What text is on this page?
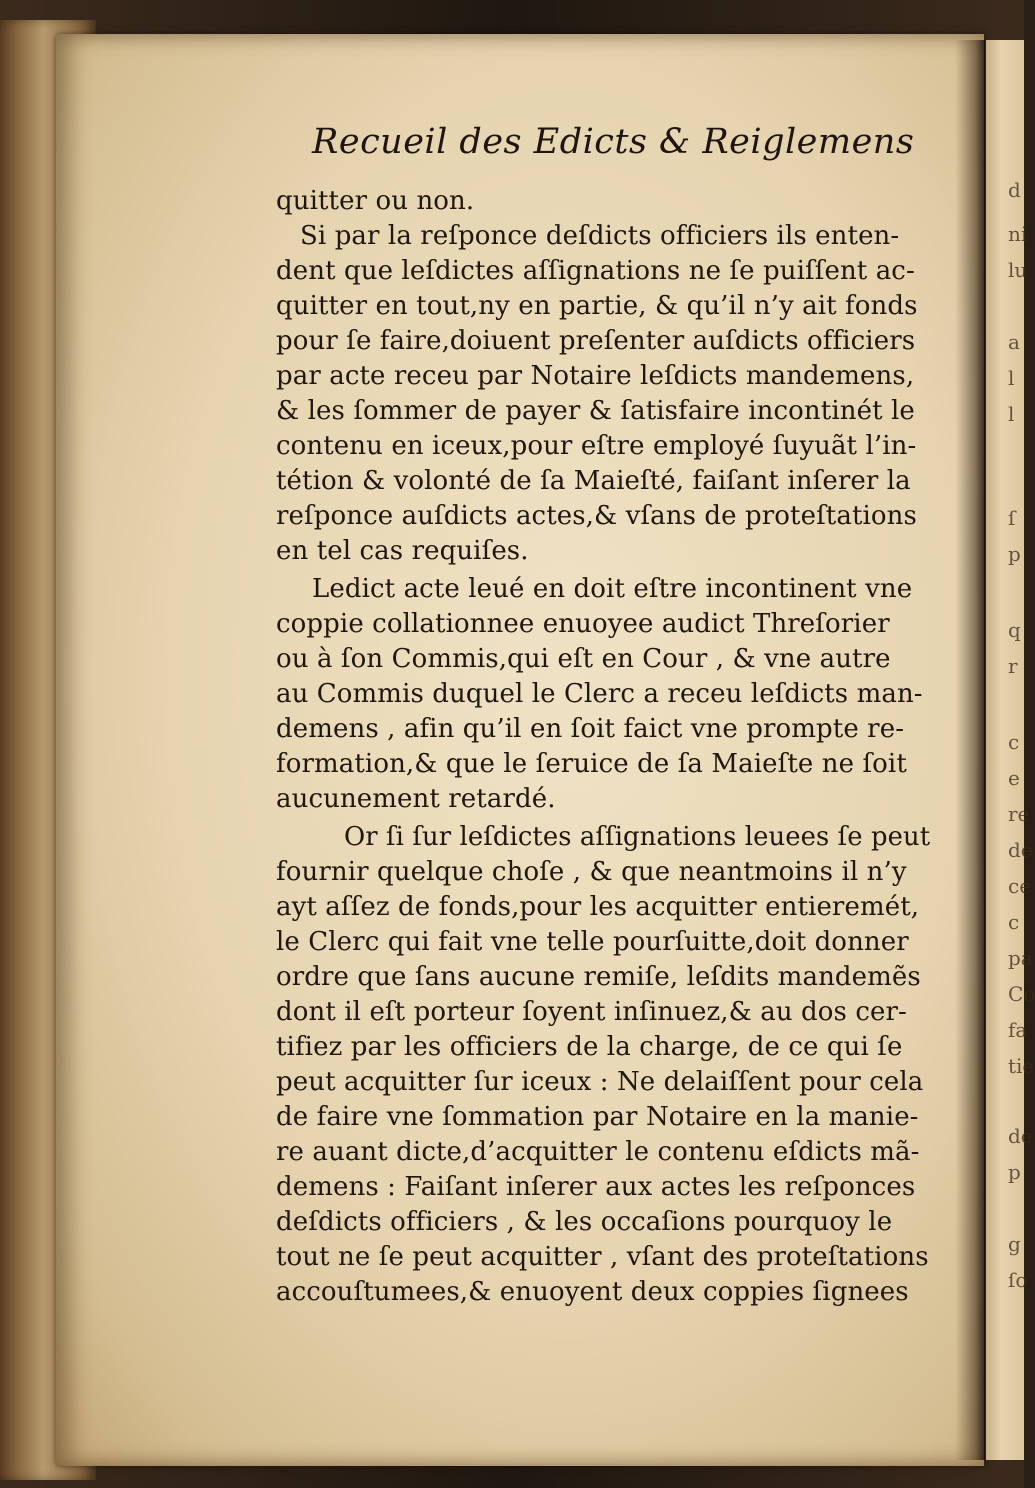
Recueil des Edicts & Reiglemens
quitter ou non.
Si par la reſponce deſdicts officiers ils enten-
dent que leſdictes aſſignations ne ſe puiſſent ac-
quitter en tout,ny en partie, & qu’il n’y ait fonds
pour ſe faire,doiuent preſenter auſdicts officiers
par acte receu par Notaire leſdicts mandemens,
& les ſommer de payer & ſatisfaire incontinét le
contenu en iceux,pour eſtre employé ſuyuãt l’in-
tétion & volonté de ſa Maieſté, faiſant inſerer la
reſponce auſdicts actes,& vſans de proteſtations
en tel cas requiſes.
Ledict acte leué en doit eſtre incontinent vne
coppie collationnee enuoyee audict Threſorier
ou à ſon Commis,qui eſt en Cour , & vne autre
au Commis duquel le Clerc a receu leſdicts man-
demens , afin qu’il en ſoit faict vne prompte re-
formation,& que le ſeruice de ſa Maieſte ne ſoit
aucunement retardé.
Or ſi ſur leſdictes aſſignations leuees ſe peut
fournir quelque choſe , & que neantmoins il n’y
ayt aſſez de fonds,pour les acquitter entieremét,
le Clerc qui fait vne telle pourſuitte,doit donner
ordre que ſans aucune remiſe, leſdits mandemẽs
dont il eſt porteur ſoyent inſinuez,& au dos cer-
tifiez par les officiers de la charge, de ce qui ſe
peut acquitter ſur iceux : Ne delaiſſent pour cela
de faire vne ſommation par Notaire en la manie-
re auant dicte,d’acquitter le contenu eſdicts mã-
demens : Faiſant inſerer aux actes les reſponces
deſdicts officiers , & les occaſions pourquoy le
tout ne ſe peut acquitter , vſant des proteſtations
accouſtumees,& enuoyent deux coppies ſignees
d
ni
lu
a
l
l
ſ
p
q
r
c
e
re
de
ce
c
pa
Co
fa
tie
de
p
g
ſo
